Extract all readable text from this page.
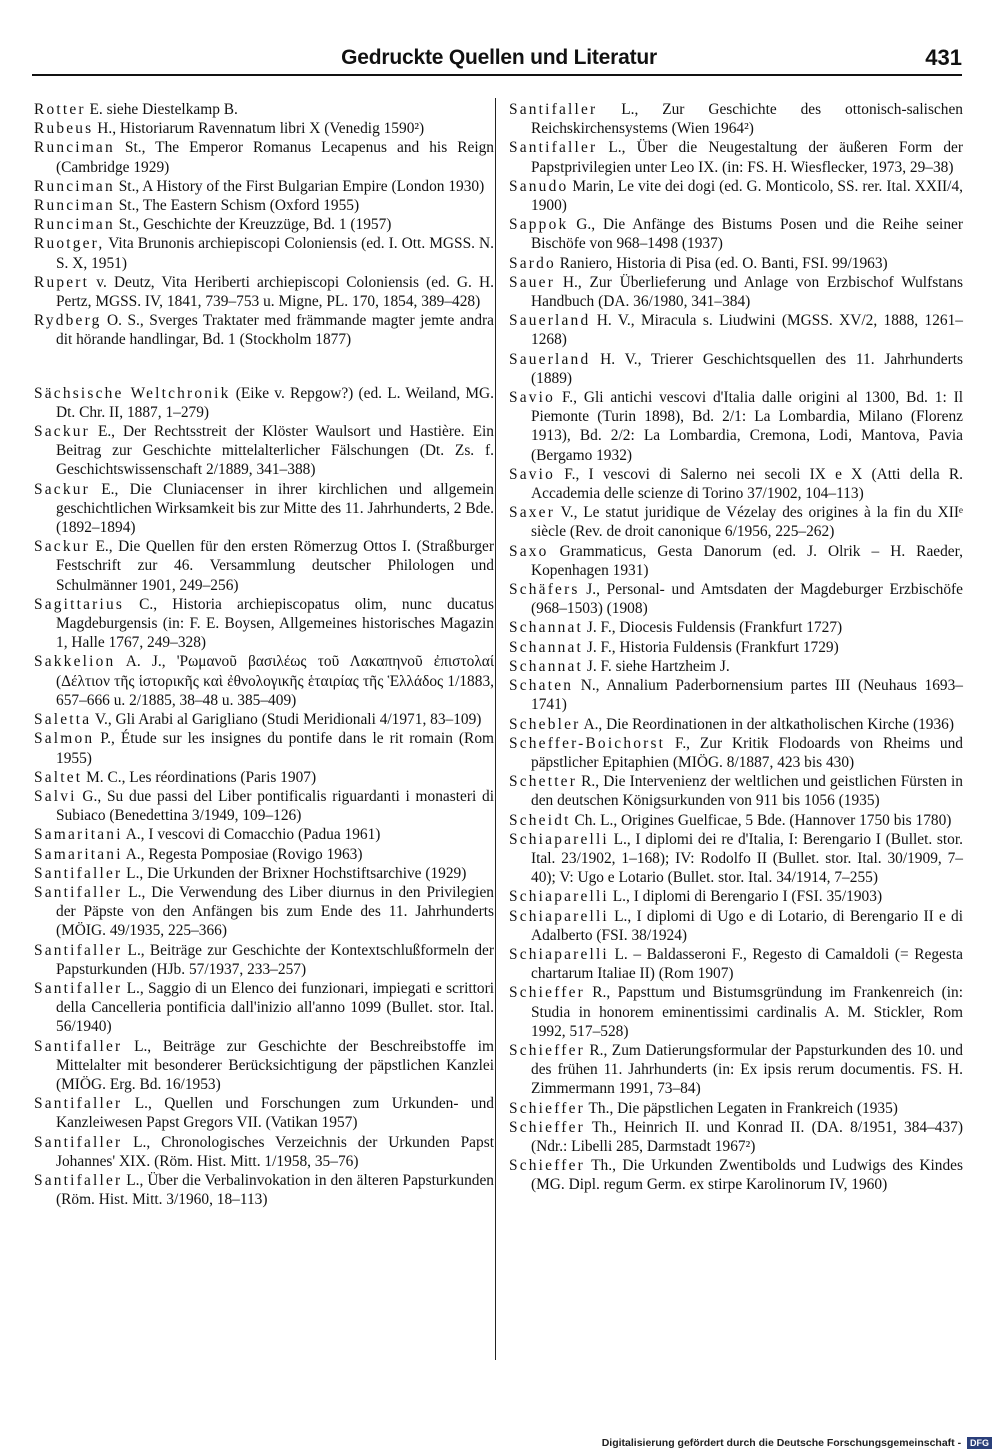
Gedruckte Quellen und Literatur	431

Rotter E. siehe Diestelkamp B.

Rubeus H., Historiarum Ravennatum libri X (Venedig 1590²)

Runciman St., The Emperor Romanus Lecapenus and his Reign (Cambridge 1929)

Runciman St., A History of the First Bulgarian Empire (London 1930)

Runciman St., The Eastern Schism (Oxford 1955)

Runciman St., Geschichte der Kreuzzüge, Bd. 1 (1957)

Ruotger, Vita Brunonis archiepiscopi Coloniensis (ed. I. Ott. MGSS. N. S. X, 1951)

Rupert v. Deutz, Vita Heriberti archiepiscopi Coloniensis (ed. G. H. Pertz, MGSS. IV, 1841, 739–753 u. Migne, PL. 170, 1854, 389–428)

Rydberg O. S., Sverges Traktater med främmande magter jemte andra dit hörande handlingar, Bd. 1 (Stockholm 1877)

Sächsische Weltchronik (Eike v. Repgow?) (ed. L. Weiland, MG. Dt. Chr. II, 1887, 1–279)

Sackur E., Der Rechtsstreit der Klöster Waulsort und Hastière. Ein Beitrag zur Geschichte mittelalterlicher Fälschungen (Dt. Zs. f. Geschichtswissenschaft 2/1889, 341–388)

Sackur E., Die Cluniacenser in ihrer kirchlichen und allgemein geschichtlichen Wirksamkeit bis zur Mitte des 11. Jahrhunderts, 2 Bde. (1892–1894)

Sackur E., Die Quellen für den ersten Römerzug Ottos I. (Straßburger Festschrift zur 46. Versammlung deutscher Philologen und Schulmänner 1901, 249–256)

Sagittarius C., Historia archiepiscopatus olim, nunc ducatus Magdeburgensis (in: F. E. Boysen, Allgemeines historisches Magazin 1, Halle 1767, 249–328)

Sakkelion A. J., 'Ρωμανοῦ βασιλέως τοῦ Λακαπηνοῦ ἐπιστολαί (Δέλτιον τῆς ἱστορικῆς καὶ ἐθνολογικῆς ἑταιρίας τῆς Ἑλλάδος 1/1883, 657–666 u. 2/1885, 38–48 u. 385–409)

Saletta V., Gli Arabi al Garigliano (Studi Meridionali 4/1971, 83–109)

Salmon P., Étude sur les insignes du pontife dans le rit romain (Rom 1955)

Saltet M. C., Les réordinations (Paris 1907)

Salvi G., Su due passi del Liber pontificalis riguardanti i monasteri di Subiaco (Benedettina 3/1949, 109–126)

Samaritani A., I vescovi di Comacchio (Padua 1961)

Samaritani A., Regesta Pomposiae (Rovigo 1963)

Santifaller L., Die Urkunden der Brixner Hochstiftsarchive (1929)

Santifaller L., Die Verwendung des Liber diurnus in den Privilegien der Päpste von den Anfängen bis zum Ende des 11. Jahrhunderts (MÖIG. 49/1935, 225–366)

Santifaller L., Beiträge zur Geschichte der Kontextschlußformeln der Papsturkunden (HJb. 57/1937, 233–257)

Santifaller L., Saggio di un Elenco dei funzionari, impiegati e scrittori della Cancelleria pontificia dall'inizio all'anno 1099 (Bullet. stor. Ital. 56/1940)

Santifaller L., Beiträge zur Geschichte der Beschreibstoffe im Mittelalter mit besonderer Berücksichtigung der päpstlichen Kanzlei (MIÖG. Erg. Bd. 16/1953)

Santifaller L., Quellen und Forschungen zum Urkunden- und Kanzleiwesen Papst Gregors VII. (Vatikan 1957)

Santifaller L., Chronologisches Verzeichnis der Urkunden Papst Johannes' XIX. (Röm. Hist. Mitt. 1/1958, 35–76)

Santifaller L., Über die Verbalinvokation in den älteren Papsturkunden (Röm. Hist. Mitt. 3/1960, 18–113)

Santifaller L., Zur Geschichte des ottonisch-salischen Reichskirchensystems (Wien 1964²)

Santifaller L., Über die Neugestaltung der äußeren Form der Papstprivilegien unter Leo IX. (in: FS. H. Wiesflecker, 1973, 29–38)

Sanudo Marin, Le vite dei dogi (ed. G. Monticolo, SS. rer. Ital. XXII/4, 1900)

Sappok G., Die Anfänge des Bistums Posen und die Reihe seiner Bischöfe von 968–1498 (1937)

Sardo Raniero, Historia di Pisa (ed. O. Banti, FSI. 99/1963)

Sauer H., Zur Überlieferung und Anlage von Erzbischof Wulfstans Handbuch (DA. 36/1980, 341–384)

Sauerland H. V., Miracula s. Liudwini (MGSS. XV/2, 1888, 1261–1268)

Sauerland H. V., Trierer Geschichtsquellen des 11. Jahrhunderts (1889)

Savio F., Gli antichi vescovi d'Italia dalle origini al 1300, Bd. 1: Il Piemonte (Turin 1898), Bd. 2/1: La Lombardia, Milano (Florenz 1913), Bd. 2/2: La Lombardia, Cremona, Lodi, Mantova, Pavia (Bergamo 1932)

Savio F., I vescovi di Salerno nei secoli IX e X (Atti della R. Accademia delle scienze di Torino 37/1902, 104–113)

Saxer V., Le statut juridique de Vézelay des origines à la fin du XIIᵉ siècle (Rev. de droit canonique 6/1956, 225–262)

Saxo Grammaticus, Gesta Danorum (ed. J. Olrik – H. Raeder, Kopenhagen 1931)

Schäfers J., Personal- und Amtsdaten der Magdeburger Erzbischöfe (968–1503) (1908)

Schannat J. F., Diocesis Fuldensis (Frankfurt 1727)

Schannat J. F., Historia Fuldensis (Frankfurt 1729)

Schannat J. F. siehe Hartzheim J.

Schaten N., Annalium Paderbornensium partes III (Neuhaus 1693–1741)

Schebler A., Die Reordinationen in der altkatholischen Kirche (1936)

Scheffer-Boichorst F., Zur Kritik Flodoards von Rheims und päpstlicher Epitaphien (MIÖG. 8/1887, 423 bis 430)

Schetter R., Die Intervenienz der weltlichen und geistlichen Fürsten in den deutschen Königsurkunden von 911 bis 1056 (1935)

Scheidt Ch. L., Origines Guelficae, 5 Bde. (Hannover 1750 bis 1780)

Schiaparelli L., I diplomi dei re d'Italia, I: Berengario I (Bullet. stor. Ital. 23/1902, 1–168); IV: Rodolfo II (Bullet. stor. Ital. 30/1909, 7–40); V: Ugo e Lotario (Bullet. stor. Ital. 34/1914, 7–255)

Schiaparelli L., I diplomi di Berengario I (FSI. 35/1903)

Schiaparelli L., I diplomi di Ugo e di Lotario, di Berengario II e di Adalberto (FSI. 38/1924)

Schiaparelli L. – Baldasseroni F., Regesto di Camaldoli (= Regesta chartarum Italiae II) (Rom 1907)

Schieffer R., Papsttum und Bistumsgründung im Frankenreich (in: Studia in honorem eminentissimi cardinalis A. M. Stickler, Rom 1992, 517–528)

Schieffer R., Zum Datierungsformular der Papsturkunden des 10. und des frühen 11. Jahrhunderts (in: Ex ipsis rerum documentis. FS. H. Zimmermann 1991, 73–84)

Schieffer Th., Die päpstlichen Legaten in Frankreich (1935)

Schieffer Th., Heinrich II. und Konrad II. (DA. 8/1951, 384–437) (Ndr.: Libelli 285, Darmstadt 1967²)

Schieffer Th., Die Urkunden Zwentibolds und Ludwigs des Kindes (MG. Dipl. regum Germ. ex stirpe Karolinorum IV, 1960)

Digitalisierung gefördert durch die Deutsche Forschungsgemeinschaft - DFG
